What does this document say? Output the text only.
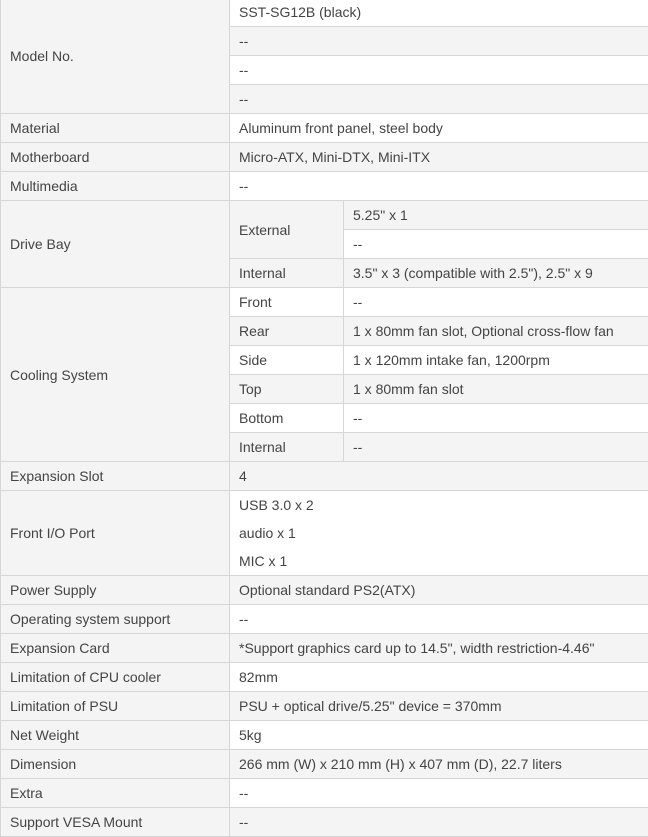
Model No.	SST-SG12B (black)	
	--	
	--	
	--	
Material	Aluminum front panel, steel body	
Motherboard	Micro-ATX, Mini-DTX, Mini-ITX	
Multimedia	--	
Drive Bay	External	5.25" x 1
		--
	Internal	3.5" x 3 (compatible with 2.5"), 2.5" x 9
Cooling System	Front	--
	Rear	1 x 80mm fan slot, Optional cross-flow fan
	Side	1 x 120mm intake fan, 1200rpm
	Top	1 x 80mm fan slot
	Bottom	--
	Internal	--
Expansion Slot	4	
Front I/O Port	USB 3.0 x 2	
	audio x 1	
	MIC x 1	
Power Supply	Optional standard PS2(ATX)	
Operating system support	--	
Expansion Card	*Support graphics card up to 14.5", width restriction-4.46"	
Limitation of CPU cooler	82mm	
Limitation of PSU	PSU + optical drive/5.25" device = 370mm	
Net Weight	5kg	
Dimension	266 mm (W) x 210 mm (H) x 407 mm (D), 22.7 liters	
Extra	--	
Support VESA Mount	--	
